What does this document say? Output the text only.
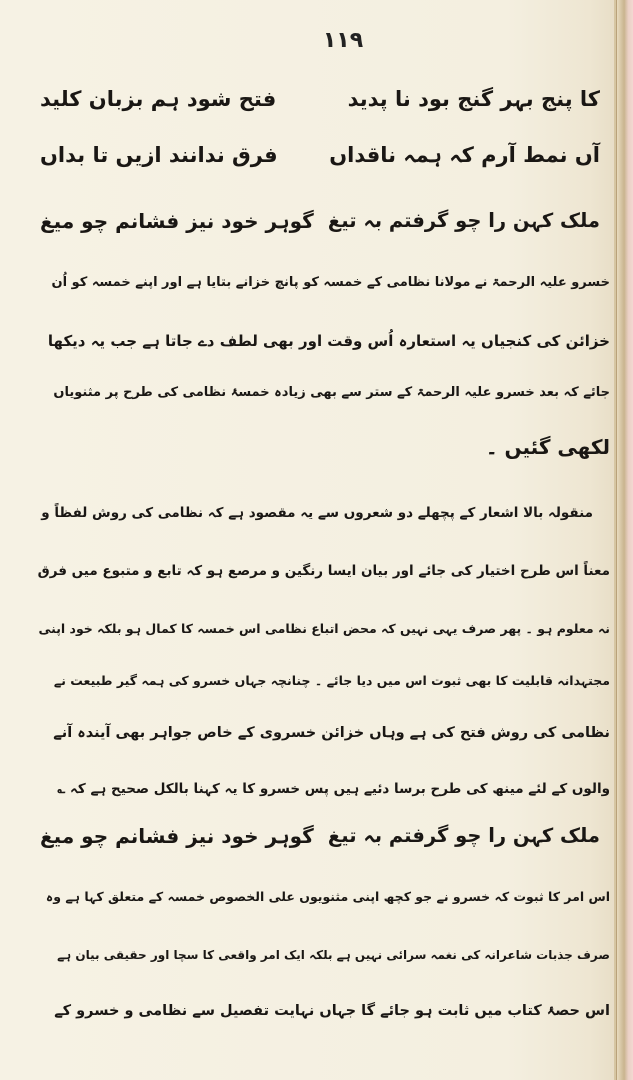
۱۱۹
کا پنج بہر گنج بود نا پدید
فتح شود ہم بزبان کلید
آں نمط آرم کہ ہمہ ناقداں
فرق ندانند ازیں تا بداں
ملک کہن را چو گرفتم بہ تیغ
گوہر خود نیز فشانم چو میغ
خسرو علیہ الرحمۃ نے مولانا نظامی کے خمسہ کو پانچ خزانے بتایا ہے اور اپنے خمسہ کو اُن
خزائن کی کنجیاں یہ استعارہ اُس وقت اور بھی لطف دے جاتا ہے جب یہ دیکھا
جائے کہ بعد خسرو علیہ الرحمۃ کے ستر سے بھی زیادہ خمسۂ نظامی کی طرح پر مثنویاں
لکھی گئیں ۔
منقولہ بالا اشعار کے پچھلے دو شعروں سے یہ مقصود ہے کہ نظامی کی روش لفظاً و
معناً اس طرح اختیار کی جائے اور بیان ایسا رنگین و مرصع ہو کہ تابع و متبوع میں فرق
نہ معلوم ہو ۔ پھر صرف یہی نہیں کہ محض اتباع نظامی اس خمسہ کا کمال ہو بلکہ خود اپنی
مجتہدانہ قابلیت کا بھی ثبوت اس میں دیا جائے ۔ چنانچہ جہاں خسرو کی ہمہ گیر طبیعت نے
نظامی کی روش فتح کی ہے وہاں خزائن خسروی کے خاص جواہر بھی آیندہ آنے
والوں کے لئے مینھ کی طرح برسا دئیے ہیں پس خسرو کا یہ کہنا بالکل صحیح ہے کہ ؎
ملک کہن را چو گرفتم بہ تیغ
گوہر خود نیز فشانم چو میغ
اس امر کا ثبوت کہ خسرو نے جو کچھ اپنی مثنویوں علی الخصوص خمسہ کے متعلق کہا ہے وہ
صرف جذبات شاعرانہ کی نغمہ سرائی نہیں ہے بلکہ ایک امر واقعی کا سچا اور حقیقی بیان ہے
اس حصۂ کتاب میں ثابت ہو جائے گا جہاں نہایت تفصیل سے نظامی و خسرو کے
